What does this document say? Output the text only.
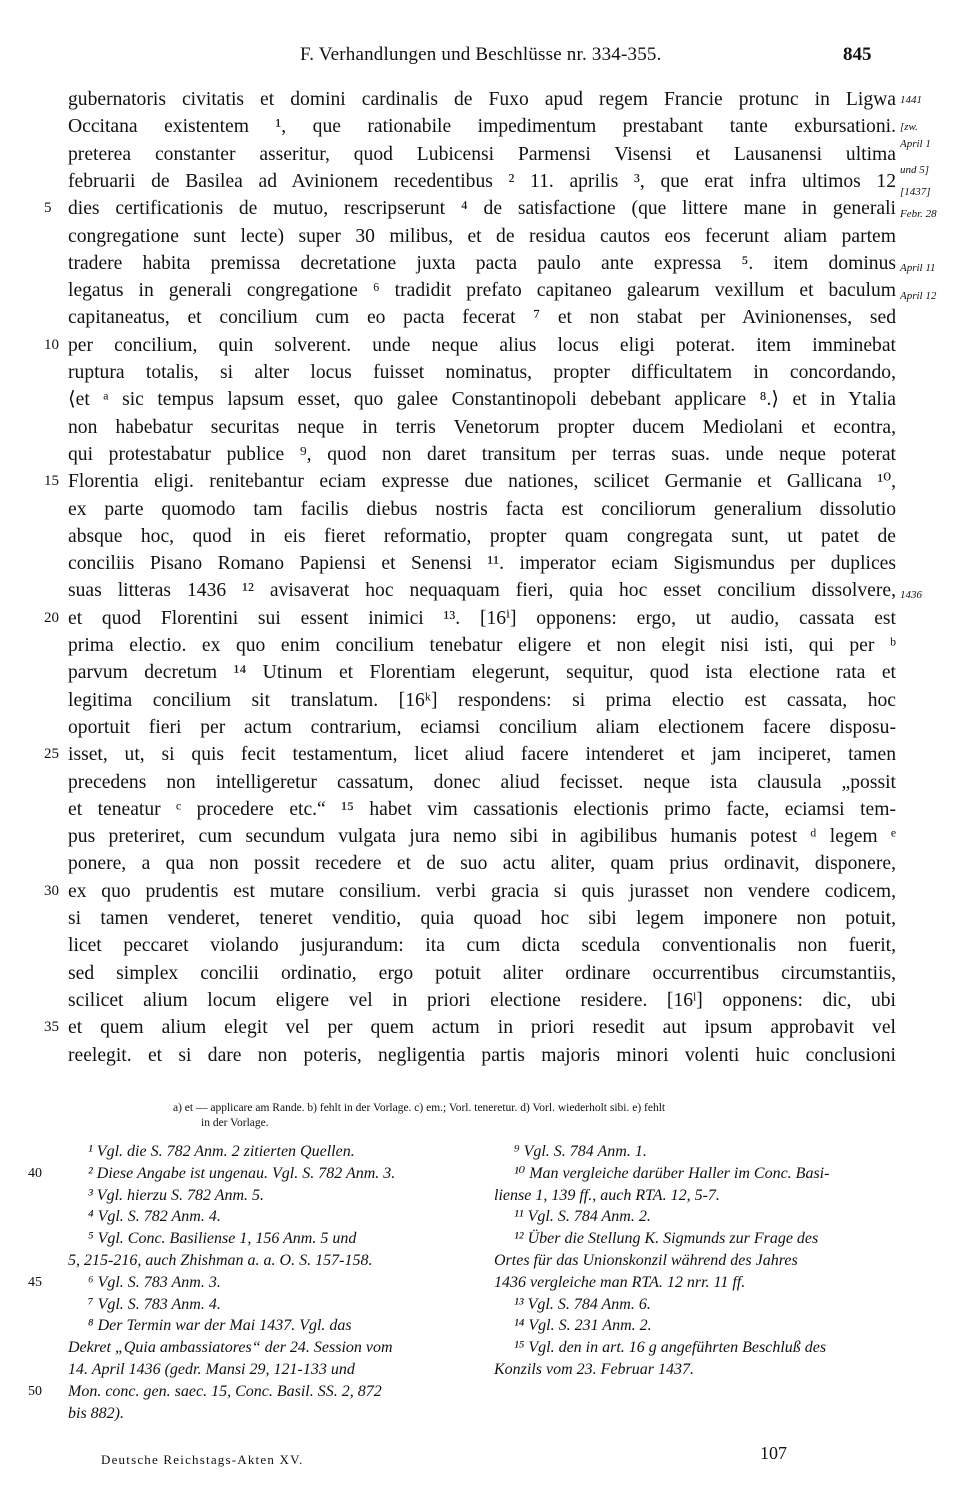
F. Verhandlungen und Beschlüsse nr. 334-355.	845
gubernatoris civitatis et domini cardinalis de Fuxo apud regem Francie protunc in Ligwa
Occitana existentem ¹, que rationabile impedimentum prestabant tante exbursationi.
preterea constanter asseritur, quod Lubicensi Parmensi Visensi et Lausanensi ultima
februarii de Basilea ad Avinionem recedentibus ² 11. aprilis ³, que erat infra ultimos 12
dies certificationis de mutuo, rescripserunt ⁴ de satisfactione (que littere mane in generali
congregatione sunt lecte) super 30 milibus, et de residua cautos eos fecerunt aliam partem
tradere habita premissa decretatione juxta pacta paulo ante expressa ⁵. item dominus
legatus in generali congregatione ⁶ tradidit prefato capitaneo galearum vexillum et baculum
capitaneatus, et concilium cum eo pacta fecerat ⁷ et non stabat per Avinionenses, sed
per concilium, quin solverent. unde neque alius locus eligi poterat. item imminebat
ruptura totalis, si alter locus fuisset nominatus, propter difficultatem in concordando,
⟨et ᵃ sic tempus lapsum esset, quo galee Constantinopoli debebant applicare ⁸.⟩ et in Ytalia
non habebatur securitas neque in terris Venetorum propter ducem Mediolani et econtra,
qui protestabatur publice ⁹, quod non daret transitum per terras suas. unde neque poterat
Florentia eligi. renitebantur eciam expresse due nationes, scilicet Germanie et Gallicana ¹⁰,
ex parte quomodo tam facilis diebus nostris facta est conciliorum generalium dissolutio
absque hoc, quod in eis fieret reformatio, propter quam congregata sunt, ut patet de
conciliis Pisano Romano Papiensi et Senensi ¹¹. imperator eciam Sigismundus per duplices
suas litteras 1436 ¹² avisaverat hoc nequaquam fieri, quia hoc esset concilium dissolvere,
et quod Florentini sui essent inimici ¹³. [16ⁱ] opponens: ergo, ut audio, cassata est
prima electio. ex quo enim concilium tenebatur eligere et non elegit nisi isti, qui per ᵇ
parvum decretum ¹⁴ Utinum et Florentiam elegerunt, sequitur, quod ista electione rata et
legitima concilium sit translatum. [16ᵏ] respondens: si prima electio est cassata, hoc
oportuit fieri per actum contrarium, eciamsi concilium aliam electionem facere disposu-
isset, ut, si quis fecit testamentum, licet aliud facere intenderet et jam inciperet, tamen
precedens non intelligeretur cassatum, donec aliud fecisset. neque ista clausula „possit
et teneatur ᶜ procedere etc.“ ¹⁵ habet vim cassationis electionis primo facte, eciamsi tem-
pus preteriret, cum secundum vulgata jura nemo sibi in agibilibus humanis potest ᵈ legem ᵉ
ponere, a qua non possit recedere et de suo actu aliter, quam prius ordinavit, disponere,
ex quo prudentis est mutare consilium. verbi gracia si quis jurasset non vendere codicem,
si tamen venderet, teneret venditio, quia quoad hoc sibi legem imponere non potuit,
licet peccaret violando jusjurandum: ita cum dicta scedula conventionalis non fuerit,
sed simplex concilii ordinatio, ergo potuit aliter ordinare occurrentibus circumstantiis,
scilicet alium locum eligere vel in priori electione residere. [16ˡ] opponens: dic, ubi
et quem alium elegit vel per quem actum in priori resedit aut ipsum approbavit vel
reelegit. et si dare non poteris, negligentia partis majoris minori volenti huic conclusioni
5
10
15
20
25
30
35
1441
[zw.
April 1
und 5]
[1437]
Febr. 28
April 11
April 12
1436
a) et — applicare am Rande. b) fehlt in der Vorlage. c) em.; Vorl. teneretur. d) Vorl. wiederholt sibi. e) fehlt
in der Vorlage.
¹ Vgl. die S. 782 Anm. 2 zitierten Quellen.
² Diese Angabe ist ungenau. Vgl. S. 782 Anm. 3.
³ Vgl. hierzu S. 782 Anm. 5.
⁴ Vgl. S. 782 Anm. 4.
⁵ Vgl. Conc. Basiliense 1, 156 Anm. 5 und
5, 215-216, auch Zhishman a. a. O. S. 157-158.
⁶ Vgl. S. 783 Anm. 3.
⁷ Vgl. S. 783 Anm. 4.
⁸ Der Termin war der Mai 1437. Vgl. das
Dekret „Quia ambassiatores“ der 24. Session vom
14. April 1436 (gedr. Mansi 29, 121-133 und
Mon. conc. gen. saec. 15, Conc. Basil. SS. 2, 872
bis 882).
⁹ Vgl. S. 784 Anm. 1.
¹⁰ Man vergleiche darüber Haller im Conc. Basi-
liense 1, 139 ff., auch RTA. 12, 5-7.
¹¹ Vgl. S. 784 Anm. 2.
¹² Über die Stellung K. Sigmunds zur Frage des
Ortes für das Unionskonzil während des Jahres
1436 vergleiche man RTA. 12 nrr. 11 ff.
¹³ Vgl. S. 784 Anm. 6.
¹⁴ Vgl. S. 231 Anm. 2.
¹⁵ Vgl. den in art. 16 g angeführten Beschluß des
Konzils vom 23. Februar 1437.
Deutsche Reichstags-Akten XV.	107
40
45
50
